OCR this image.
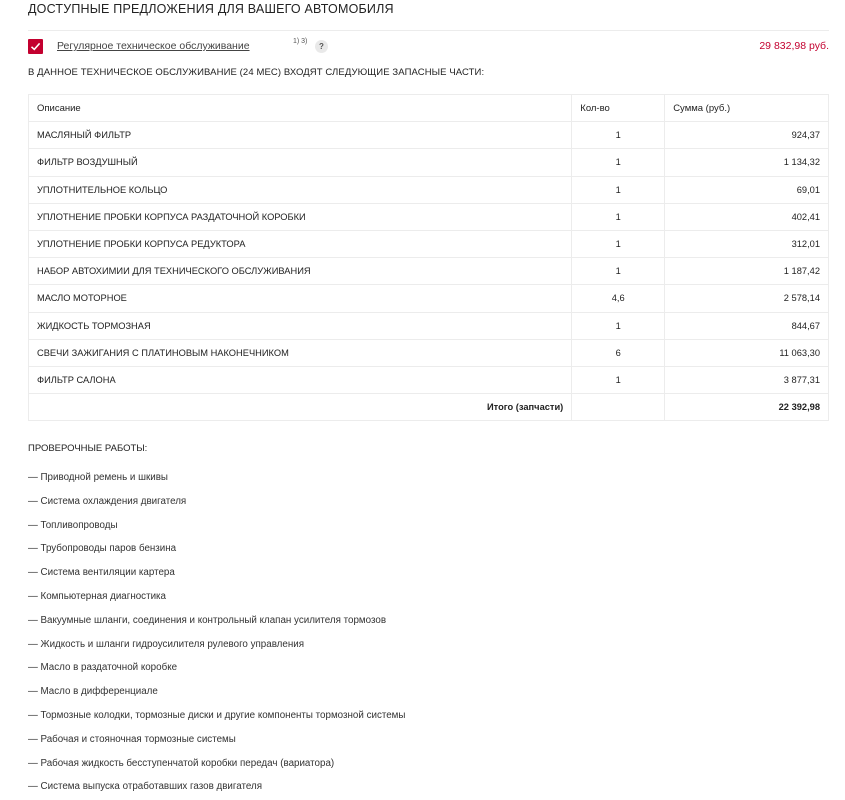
ДОСТУПНЫЕ ПРЕДЛОЖЕНИЯ ДЛЯ ВАШЕГО АВТОМОБИЛЯ
Регулярное техническое обслуживание	1) 3)
?	29 832,98 руб.
В ДАННОЕ ТЕХНИЧЕСКОЕ ОБСЛУЖИВАНИЕ (24 МЕС) ВХОДЯТ СЛЕДУЮЩИЕ ЗАПАСНЫЕ ЧАСТИ:
Описание	Кол-во	Сумма (руб.)
МАСЛЯНЫЙ ФИЛЬТР	1	924,37
ФИЛЬТР ВОЗДУШНЫЙ	1	1 134,32
УПЛОТНИТЕЛЬНОЕ КОЛЬЦО	1	69,01
УПЛОТНЕНИЕ ПРОБКИ КОРПУСА РАЗДАТОЧНОЙ КОРОБКИ	1	402,41
УПЛОТНЕНИЕ ПРОБКИ КОРПУСА РЕДУКТОРА	1	312,01
НАБОР АВТОХИМИИ ДЛЯ ТЕХНИЧЕСКОГО ОБСЛУЖИВАНИЯ	1	1 187,42
МАСЛО МОТОРНОЕ	4,6	2 578,14
ЖИДКОСТЬ ТОРМОЗНАЯ	1	844,67
СВЕЧИ ЗАЖИГАНИЯ С ПЛАТИНОВЫМ НАКОНЕЧНИКОМ	6	11 063,30
ФИЛЬТР САЛОНА	1	3 877,31
Итого (запчасти)		22 392,98
ПРОВЕРОЧНЫЕ РАБОТЫ:
— Приводной ремень и шкивы
— Система охлаждения двигателя
— Топливопроводы
— Трубопроводы паров бензина
— Система вентиляции картера
— Компьютерная диагностика
— Вакуумные шланги, соединения и контрольный клапан усилителя тормозов
— Жидкость и шланги гидроусилителя рулевого управления
— Масло в раздаточной коробке
— Масло в дифференциале
— Тормозные колодки, тормозные диски и другие компоненты тормозной системы
— Рабочая и стояночная тормозные системы
— Рабочая жидкость бесступенчатой коробки передач (вариатора)
— Система выпуска отработавших газов двигателя
